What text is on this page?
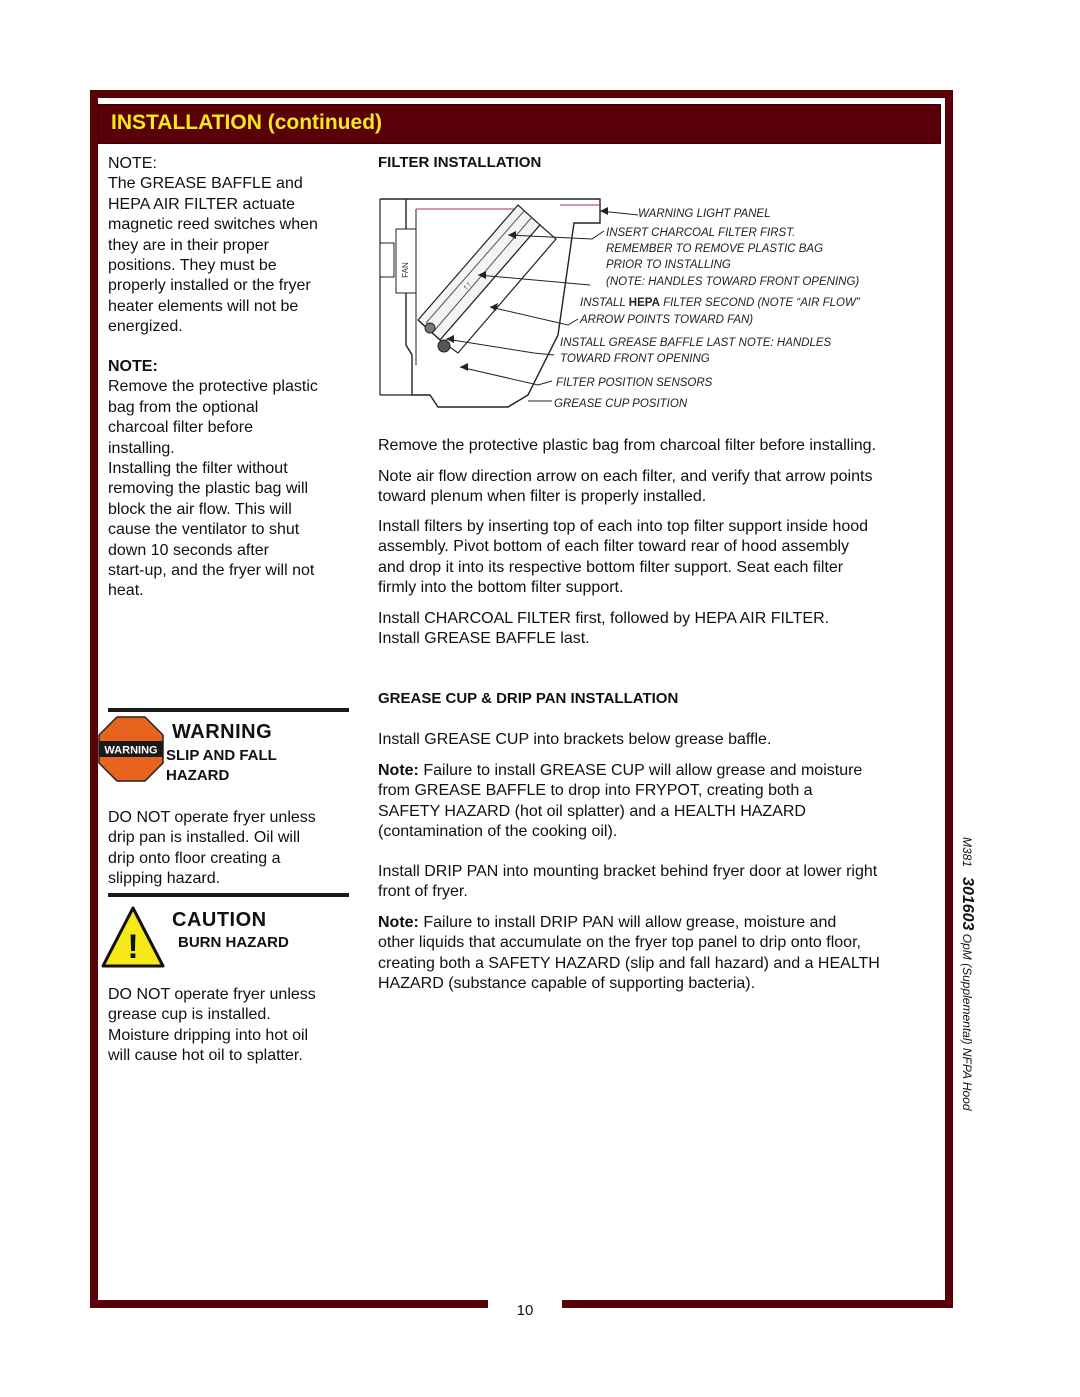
INSTALLATION (continued)

NOTE:

The GREASE BAFFLE and

HEPA AIR FILTER actuate

magnetic reed switches when

they are in their proper

positions. They must be

properly installed or the fryer

heater elements will not be

energized.

NOTE:

Remove the protective plastic

bag from the optional

charcoal filter before

installing.

Installing the filter without

removing the plastic bag will

block the air flow. This will

cause the ventilator to shut

down 10 seconds after

start-up, and the fryer will not

heat.

WARNING
WARNING
SLIP AND FALL
HAZARD

DO NOT operate fryer unless

drip pan is installed. Oil will

drip onto floor creating a

slipping hazard.

!
CAUTION
BURN HAZARD

DO NOT operate fryer unless

grease cup is installed.

Moisture dripping into hot oil

will cause hot oil to splatter.

FILTER INSTALLATION
FAN
↑↑
WARNING LIGHT PANEL
INSERT CHARCOAL FILTER FIRST.
REMEMBER TO REMOVE PLASTIC BAG
PRIOR TO INSTALLING
(NOTE: HANDLES TOWARD FRONT OPENING)
INSTALL HEPA FILTER SECOND (NOTE “AIR FLOW”
ARROW POINTS TOWARD FAN)
INSTALL GREASE BAFFLE LAST NOTE: HANDLES
TOWARD FRONT OPENING
FILTER POSITION SENSORS
GREASE CUP POSITION

Remove the protective plastic bag from charcoal filter before installing.

Note air flow direction arrow on each filter, and verify that arrow points

toward plenum when filter is properly installed.

Install filters by inserting top of each into top filter support inside hood

assembly. Pivot bottom of each filter toward rear of hood assembly

and drop it into its respective bottom filter support. Seat each filter

firmly into the bottom filter support.

Install CHARCOAL FILTER first, followed by HEPA AIR FILTER.

Install GREASE BAFFLE last.

GREASE CUP & DRIP PAN INSTALLATION

Install GREASE CUP into brackets below grease baffle.

Note: Failure to install GREASE CUP will allow grease and moisture

from GREASE BAFFLE to drop into FRYPOT, creating both a

SAFETY HAZARD (hot oil splatter) and a HEALTH HAZARD

(contamination of the cooking oil).

Install DRIP PAN into mounting bracket behind fryer door at lower right

front of fryer.

Note: Failure to install DRIP PAN will allow grease, moisture and

other liquids that accumulate on the fryer top panel to drip onto floor,

creating both a SAFETY HAZARD (slip and fall hazard) and a HEALTH

HAZARD (substance capable of supporting bacteria).

M381   301603 OpM (Supplemental) NFPA Hood
10
